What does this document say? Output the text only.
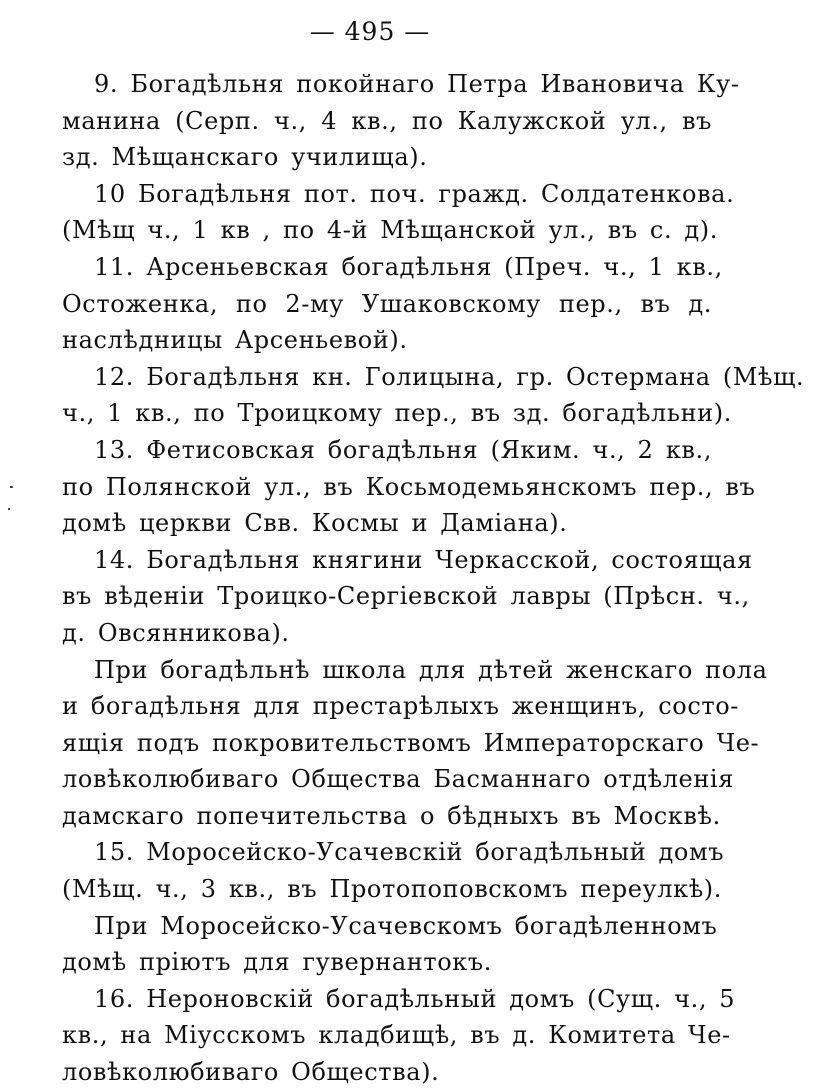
— 495 —
9. Богадѣльня покойнаго Петра Ивановича Ку-
манина (Серп. ч., 4 кв., по Калужской ул., въ
зд. Мѣщанскаго училища).
10 Богадѣльня пот. поч. гражд. Солдатенкова.
(Мѣщ ч., 1 кв , по 4-й Мѣщанской ул., въ с. д).
11. Арсеньевская богадѣльня (Преч. ч., 1 кв.,
Остоженка, по 2-му Ушаковскому пер., въ д.
наслѣдницы Арсеньевой).
12. Богадѣльня кн. Голицына, гр. Остермана (Мѣщ.
ч., 1 кв., по Троицкому пер., въ зд. богадѣльни).
13. Фетисовская богадѣльня (Яким. ч., 2 кв.,
по Полянской ул., въ Косьмодемьянскомъ пер., въ
домѣ церкви Свв. Космы и Даміана).
14. Богадѣльня княгини Черкасской, состоящая
въ вѣденіи Троицко-Сергіевской лавры (Прѣсн. ч.,
д. Овсянникова).
При богадѣльнѣ школа для дѣтей женскаго пола
и богадѣльня для престарѣлыхъ женщинъ, состо-
ящія подъ покровительствомъ Императорскаго Че-
ловѣколюбиваго Общества Басманнаго отдѣленія
дамскаго попечительства о бѣдныхъ въ Москвѣ.
15. Моросейско-Усачевскій богадѣльный домъ
(Мѣщ. ч., 3 кв., въ Протопоповскомъ переулкѣ).
При Моросейско-Усачевскомъ богадѣленномъ
домѣ пріютъ для гувернантокъ.
16. Нероновскій богадѣльный домъ (Сущ. ч., 5
кв., на Міусскомъ кладбищѣ, въ д. Комитета Че-
ловѣколюбиваго Общества).
